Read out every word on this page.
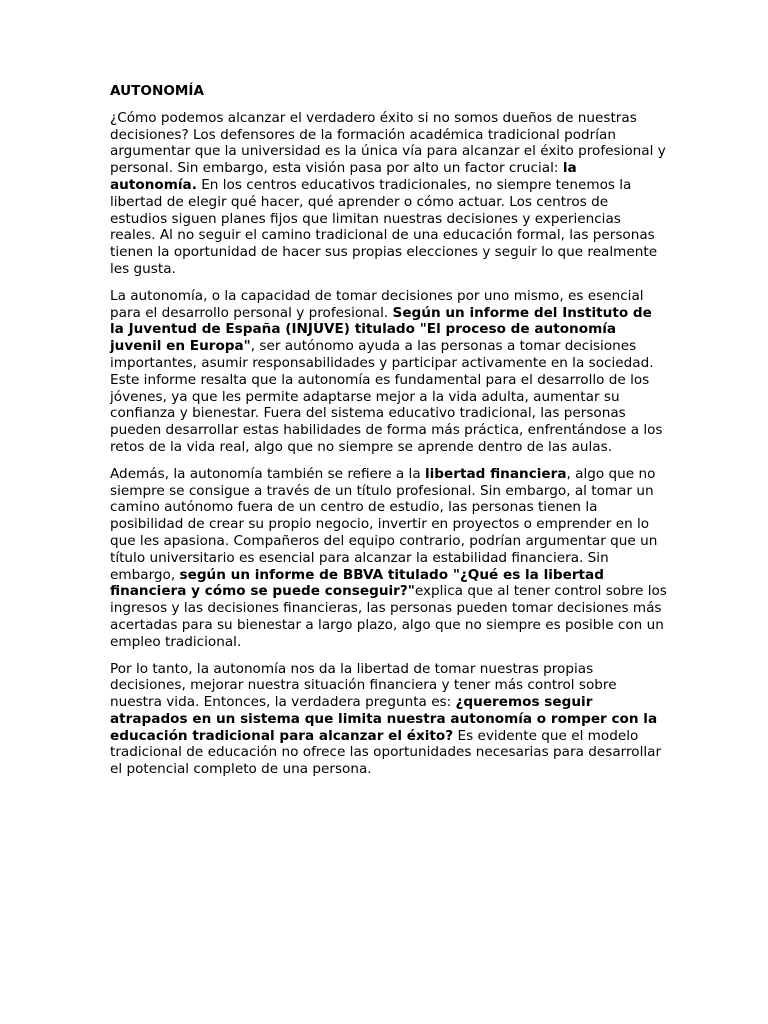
AUTONOMÍA

¿Cómo podemos alcanzar el verdadero éxito si no somos dueños de nuestras decisiones? Los defensores de la formación académica tradicional podrían argumentar que la universidad es la única vía para alcanzar el éxito profesional y personal. Sin embargo, esta visión pasa por alto un factor crucial: la autonomía. En los centros educativos tradicionales, no siempre tenemos la libertad de elegir qué hacer, qué aprender o cómo actuar. Los centros de estudios siguen planes fijos que limitan nuestras decisiones y experiencias reales. Al no seguir el camino tradicional de una educación formal, las personas tienen la oportunidad de hacer sus propias elecciones y seguir lo que realmente les gusta.

La autonomía, o la capacidad de tomar decisiones por uno mismo, es esencial para el desarrollo personal y profesional. Según un informe del Instituto de la Juventud de España (INJUVE) titulado "El proceso de autonomía juvenil en Europa", ser autónomo ayuda a las personas a tomar decisiones importantes, asumir responsabilidades y participar activamente en la sociedad. Este informe resalta que la autonomía es fundamental para el desarrollo de los jóvenes, ya que les permite adaptarse mejor a la vida adulta, aumentar su confianza y bienestar. Fuera del sistema educativo tradicional, las personas pueden desarrollar estas habilidades de forma más práctica, enfrentándose a los retos de la vida real, algo que no siempre se aprende dentro de las aulas.

Además, la autonomía también se refiere a la libertad financiera, algo que no siempre se consigue a través de un título profesional. Sin embargo, al tomar un camino autónomo fuera de un centro de estudio, las personas tienen la posibilidad de crear su propio negocio, invertir en proyectos o emprender en lo que les apasiona. Compañeros del equipo contrario, podrían argumentar que un título universitario es esencial para alcanzar la estabilidad financiera. Sin embargo, según un informe de BBVA titulado "¿Qué es la libertad financiera y cómo se puede conseguir?"explica que al tener control sobre los ingresos y las decisiones financieras, las personas pueden tomar decisiones más acertadas para su bienestar a largo plazo, algo que no siempre es posible con un empleo tradicional.

Por lo tanto, la autonomía nos da la libertad de tomar nuestras propias decisiones, mejorar nuestra situación financiera y tener más control sobre nuestra vida. Entonces, la verdadera pregunta es: ¿queremos seguir atrapados en un sistema que limita nuestra autonomía o romper con la educación tradicional para alcanzar el éxito? Es evidente que el modelo tradicional de educación no ofrece las oportunidades necesarias para desarrollar el potencial completo de una persona.
